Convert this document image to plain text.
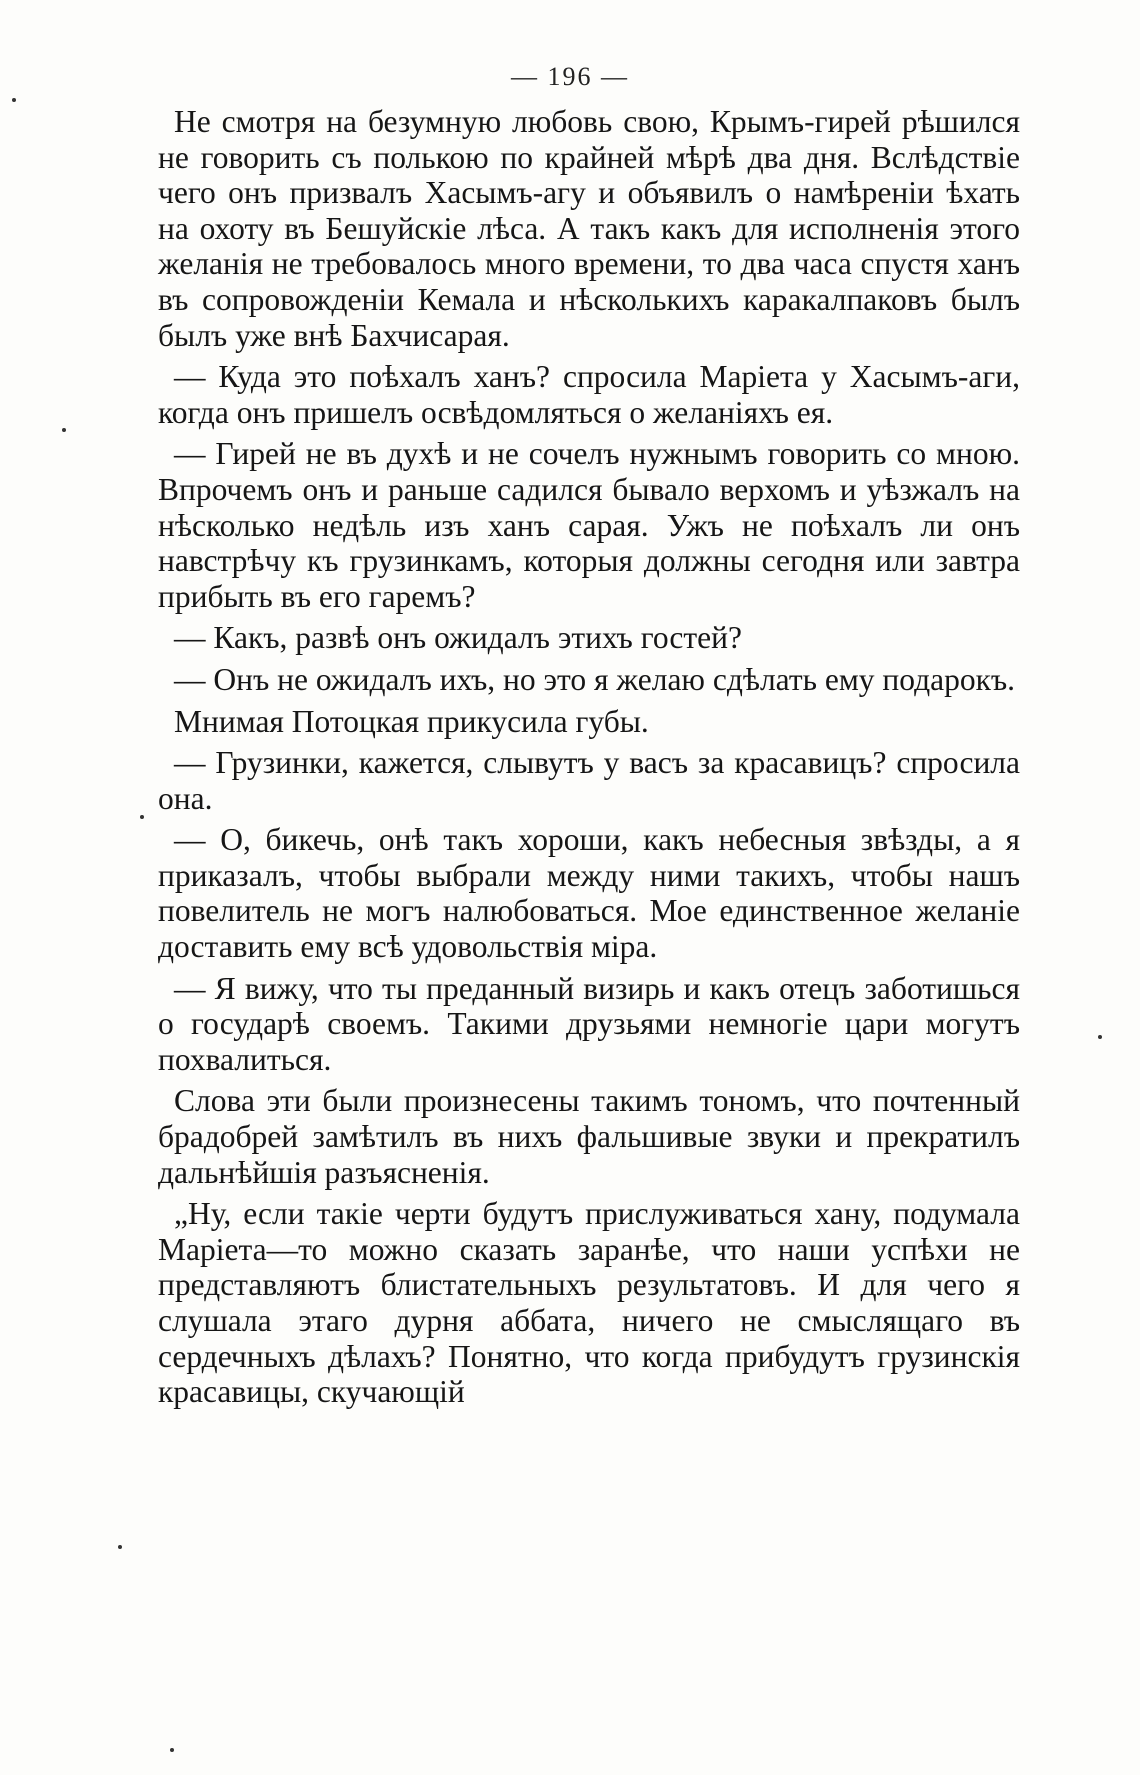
— 196 —

Не смотря на безумную любовь свою, Крымъ-гирей рѣшился не говорить съ полькою по крайней мѣрѣ два дня. Вслѣдствіе чего онъ призвалъ Хасымъ-агу и объявилъ о намѣреніи ѣхать на охоту въ Бешуйскіе лѣса. А такъ какъ для исполненія этого желанія не требовалось много времени, то два часа спустя ханъ въ сопровожденіи Кемала и нѣсколькихъ каракалпаковъ былъ былъ уже внѣ Бахчисарая.

— Куда это поѣхалъ ханъ? спросила Маріета у Хасымъ-аги, когда онъ пришелъ освѣдомляться о желаніяхъ ея.

— Гирей не въ духѣ и не сочелъ нужнымъ говорить со мною. Впрочемъ онъ и раньше садился бывало верхомъ и уѣзжалъ на нѣсколько недѣль изъ ханъ сарая. Ужъ не поѣхалъ ли онъ навстрѣчу къ грузинкамъ, которыя должны сегодня или завтра прибыть въ его гаремъ?

— Какъ, развѣ онъ ожидалъ этихъ гостей?

— Онъ не ожидалъ ихъ, но это я желаю сдѣлать ему подарокъ.

Мнимая Потоцкая прикусила губы.

— Грузинки, кажется, слывутъ у васъ за красавицъ? спросила она.

— О, бикечь, онѣ такъ хороши, какъ небесныя звѣзды, а я приказалъ, чтобы выбрали между ними такихъ, чтобы нашъ повелитель не могъ налюбоваться. Мое единственное желаніе доставить ему всѣ удовольствія міра.

— Я вижу, что ты преданный визирь и какъ отецъ заботишься о государѣ своемъ. Такими друзьями немногіе цари могутъ похвалиться.

Слова эти были произнесены такимъ тономъ, что почтенный брадобрей замѣтилъ въ нихъ фальшивые звуки и прекратилъ дальнѣйшія разъясненія.

„Ну, если такіе черти будутъ прислуживаться хану, подумала Маріета—то можно сказать заранѣе, что наши успѣхи не представляютъ блистательныхъ результатовъ. И для чего я слушала этаго дурня аббата, ничего не смыслящаго въ сердечныхъ дѣлахъ? Понятно, что когда прибудутъ грузинскія красавицы, скучающій
